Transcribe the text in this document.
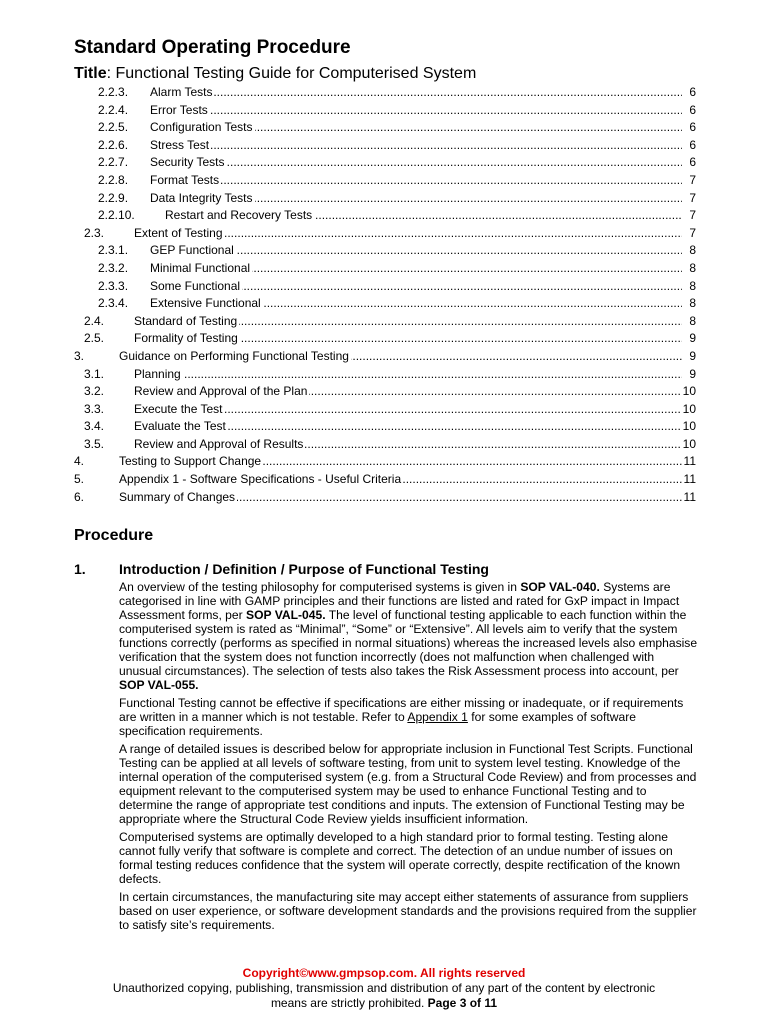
Standard Operating Procedure
Title: Functional Testing Guide for Computerised System
2.2.3. ..... Alarm Tests	6
2.2.4. ..... Error Tests	6
2.2.5. ..... Configuration Tests	6
2.2.6. ..... Stress Test	6
2.2.7. ..... Security Tests	6
2.2.8. ..... Format Tests	7
2.2.9. ..... Data Integrity Tests	7
2.2.10. .....	Restart and Recovery Tests	7
2.3. ..... Extent of Testing	7
2.3.1. ..... GEP Functional	8
2.3.2. ..... Minimal Functional	8
2.3.3. ..... Some Functional	8
2.3.4. ..... Extensive Functional	8
2.4. ..... Standard of Testing	8
2.5. ..... Formality of Testing	9
3. .....	Guidance on Performing Functional Testing	9
3.1. ..... Planning	9
3.2. ..... Review and Approval of the Plan	10
3.3. ..... Execute the Test	10
3.4. ..... Evaluate the Test	10
3.5. ..... Review and Approval of Results	10
4. .....	Testing to Support Change	11
5. .....	Appendix 1 - Software Specifications - Useful Criteria	11
6. .....	Summary of Changes	11
Procedure
1. Introduction / Definition / Purpose of Functional Testing

An overview of the testing philosophy for computerised systems is given in SOP VAL-040. Systems are categorised in line with GAMP principles and their functions are listed and rated for GxP impact in Impact Assessment forms, per SOP VAL-045. The level of functional testing applicable to each function within the computerised system is rated as “Minimal”, “Some” or “Extensive”. All levels aim to verify that the system functions correctly (performs as specified in normal situations) whereas the increased levels also emphasise verification that the system does not function incorrectly (does not malfunction when challenged with unusual circumstances). The selection of tests also takes the Risk Assessment process into account, per SOP VAL-055.

Functional Testing cannot be effective if specifications are either missing or inadequate, or if requirements are written in a manner which is not testable. Refer to Appendix 1 for some examples of software specification requirements.

A range of detailed issues is described below for appropriate inclusion in Functional Test Scripts. Functional Testing can be applied at all levels of software testing, from unit to system level testing. Knowledge of the internal operation of the computerised system (e.g. from a Structural Code Review) and from processes and equipment relevant to the computerised system may be used to enhance Functional Testing and to determine the range of appropriate test conditions and inputs. The extension of Functional Testing may be appropriate where the Structural Code Review yields insufficient information.

Computerised systems are optimally developed to a high standard prior to formal testing. Testing alone cannot fully verify that software is complete and correct. The detection of an undue number of issues on formal testing reduces confidence that the system will operate correctly, despite rectification of the known defects.

In certain circumstances, the manufacturing site may accept either statements of assurance from suppliers based on user experience, or software development standards and the provisions required from the supplier to satisfy site’s requirements.

Copyright©www.gmpsop.com. All rights reserved
Unauthorized copying, publishing, transmission and distribution of any part of the content by electronic
means are strictly prohibited. Page 3 of 11
